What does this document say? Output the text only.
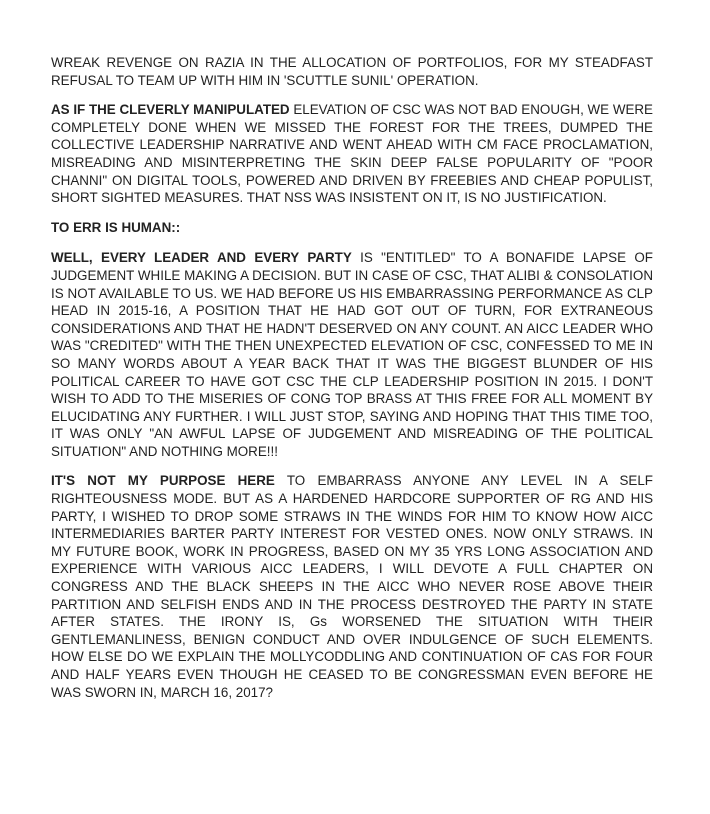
WREAK REVENGE ON RAZIA IN THE ALLOCATION OF PORTFOLIOS, FOR MY STEADFAST REFUSAL TO TEAM UP WITH HIM IN 'SCUTTLE SUNIL' OPERATION.

AS IF THE CLEVERLY MANIPULATED ELEVATION OF CSC WAS NOT BAD ENOUGH, WE WERE COMPLETELY DONE WHEN WE MISSED THE FOREST FOR THE TREES, DUMPED THE COLLECTIVE LEADERSHIP NARRATIVE AND WENT AHEAD WITH CM FACE PROCLAMATION, MISREADING AND MISINTERPRETING THE SKIN DEEP FALSE POPULARITY OF "POOR CHANNI" ON DIGITAL TOOLS, POWERED AND DRIVEN BY FREEBIES AND CHEAP POPULIST, SHORT SIGHTED MEASURES. THAT NSS WAS INSISTENT ON IT, IS NO JUSTIFICATION.

TO ERR IS HUMAN::

WELL, EVERY LEADER AND EVERY PARTY IS "ENTITLED" TO A BONAFIDE LAPSE OF JUDGEMENT WHILE MAKING A DECISION. BUT IN CASE OF CSC, THAT ALIBI & CONSOLATION IS NOT AVAILABLE TO US. WE HAD BEFORE US HIS EMBARRASSING PERFORMANCE AS CLP HEAD IN 2015-16, A POSITION THAT HE HAD GOT OUT OF TURN, FOR EXTRANEOUS CONSIDERATIONS AND THAT HE HADN'T DESERVED ON ANY COUNT. AN AICC LEADER WHO WAS "CREDITED" WITH THE THEN UNEXPECTED ELEVATION OF CSC, CONFESSED TO ME IN SO MANY WORDS ABOUT A YEAR BACK THAT IT WAS THE BIGGEST BLUNDER OF HIS POLITICAL CAREER TO HAVE GOT CSC THE CLP LEADERSHIP POSITION IN 2015. I DON'T WISH TO ADD TO THE MISERIES OF CONG TOP BRASS AT THIS FREE FOR ALL MOMENT BY ELUCIDATING ANY FURTHER. I WILL JUST STOP, SAYING AND HOPING THAT THIS TIME TOO, IT WAS ONLY "AN AWFUL LAPSE OF JUDGEMENT AND MISREADING OF THE POLITICAL SITUATION" AND NOTHING MORE!!!

IT'S NOT MY PURPOSE HERE TO EMBARRASS ANYONE ANY LEVEL IN A SELF RIGHTEOUSNESS MODE. BUT AS A HARDENED HARDCORE SUPPORTER OF RG AND HIS PARTY, I WISHED TO DROP SOME STRAWS IN THE WINDS FOR HIM TO KNOW HOW AICC INTERMEDIARIES BARTER PARTY INTEREST FOR VESTED ONES. NOW ONLY STRAWS. IN MY FUTURE BOOK, WORK IN PROGRESS, BASED ON MY 35 YRS LONG ASSOCIATION AND EXPERIENCE WITH VARIOUS AICC LEADERS, I WILL DEVOTE A FULL CHAPTER ON CONGRESS AND THE BLACK SHEEPS IN THE AICC WHO NEVER ROSE ABOVE THEIR PARTITION AND SELFISH ENDS AND IN THE PROCESS DESTROYED THE PARTY IN STATE AFTER STATES. THE IRONY IS, Gs WORSENED THE SITUATION WITH THEIR GENTLEMANLINESS, BENIGN CONDUCT AND OVER INDULGENCE OF SUCH ELEMENTS. HOW ELSE DO WE EXPLAIN THE MOLLYCODDLING AND CONTINUATION OF CAS FOR FOUR AND HALF YEARS EVEN THOUGH HE CEASED TO BE CONGRESSMAN EVEN BEFORE HE WAS SWORN IN, MARCH 16, 2017?
